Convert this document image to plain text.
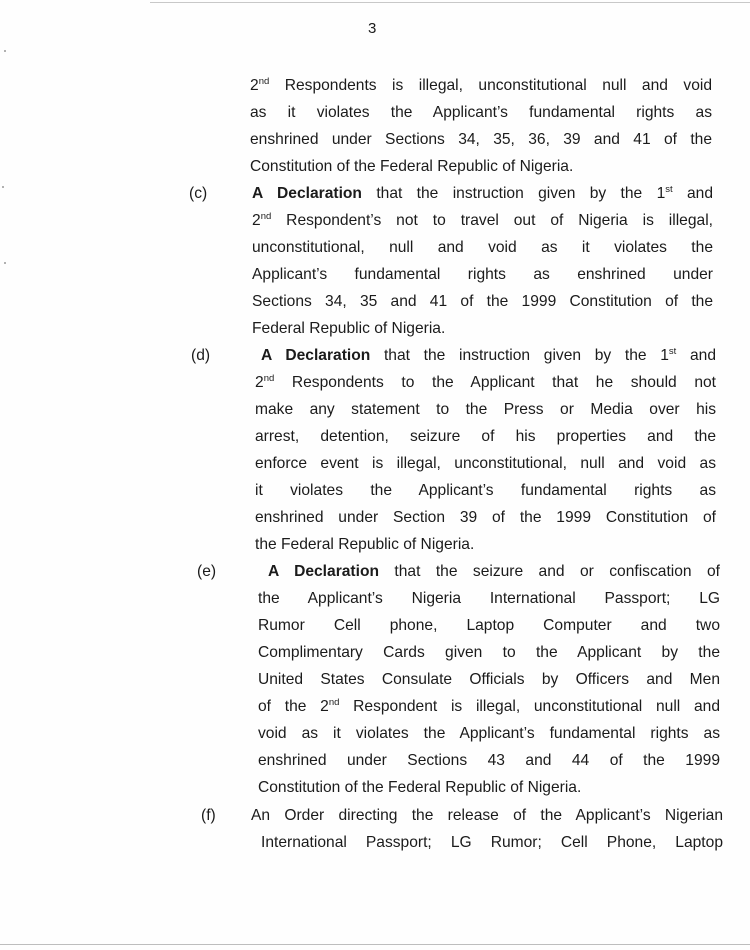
3
2nd Respondents is illegal, unconstitutional null and void
as it violates the Applicant’s fundamental rights as
enshrined under Sections 34, 35, 36, 39 and 41 of the
Constitution of the Federal Republic of Nigeria.
(c)	A Declaration that the instruction given by the 1st and
2nd Respondent’s not to travel out of Nigeria is illegal,
unconstitutional, null and void as it violates the
Applicant’s fundamental rights as enshrined under
Sections 34, 35 and 41 of the 1999 Constitution of the
Federal Republic of Nigeria.
(d)	A Declaration that the instruction given by the 1st and
2nd Respondents to the Applicant that he should not
make any statement to the Press or Media over his
arrest, detention, seizure of his properties and the
enforce event is illegal, unconstitutional, null and void as
it violates the Applicant’s fundamental rights as
enshrined under Section 39 of the 1999 Constitution of
the Federal Republic of Nigeria.
(e)	A Declaration that the seizure and or confiscation of
the Applicant’s Nigeria International Passport; LG
Rumor Cell phone, Laptop Computer and two
Complimentary Cards given to the Applicant by the
United States Consulate Officials by Officers and Men
of the 2nd Respondent is illegal, unconstitutional null and
void as it violates the Applicant’s fundamental rights as
enshrined under Sections 43 and 44 of the 1999
Constitution of the Federal Republic of Nigeria.
(f) An Order directing the release of the Applicant’s Nigerian
International Passport; LG Rumor; Cell Phone, Laptop
